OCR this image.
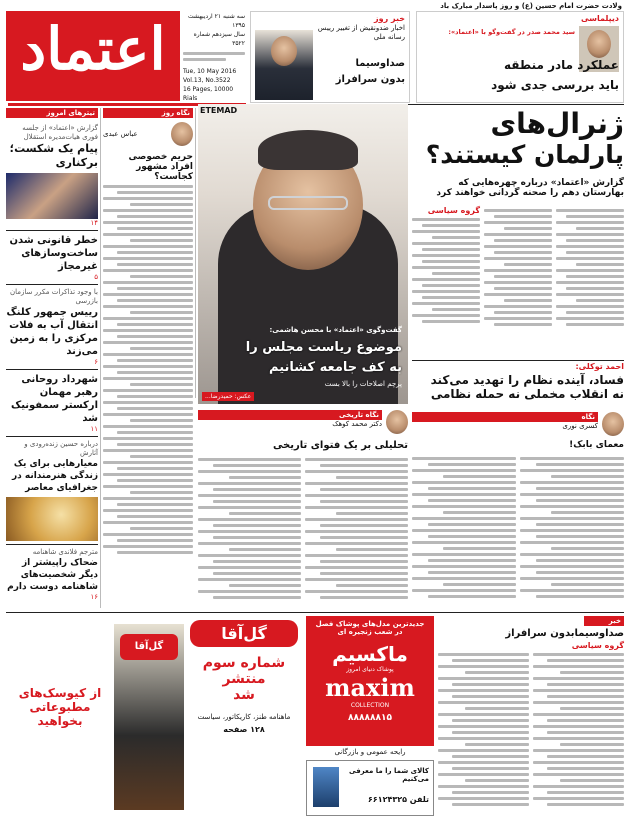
ولادت حضرت امام حسین (ع) و روز پاسدار مبارک باد
اعتماد	سه شنبه ۲۱ اردیبهشت ۱۳۹۵
سال سیزدهم شماره ۳۵۲۲
Tue, 10 May 2016
Vol.13, No.3522
16 Pages, 10000 Rials
خبر روز
اخبار ضدونقیض از تغییر رییس رسانه ملی
صداوسیما
بدون سرافراز
دیپلماسی
سید محمد صدر در گفت‌وگو با «اعتماد»:
عملکرد مادر منطقه
باید بررسی جدی شود
تیترهای امروز
گزارش «اعتماد» از جلسه فوری هیات‌مدیره استقلال
پیام یک شکست؛ برکناری
۱۴
خطر قانونی شدن ساخت‌وسازهای غیرمجاز
۵
با وجود تذاکرات مکرر سازمان بازرسی
رییس جمهور کلنگ انتقال آب به فلات مرکزی را به زمین می‌زند
۶
شهرداد روحانی رهبر مهمان ارکستر سمفونیک شد
۱۱
درباره حسین زنده‌رودی و آثارش
معیارهایی برای یک زندگی هنرمندانه در جغرافیای معاصر
مترجم فلاندی شاهنامه
ضحاک راپیشتر از دیگر شخصیت‌های شاهنامه دوست دارم
۱۶
نگاه روز
عباس عبدی
حریم خصوصی
افراد مشهور کجاست؟
ETEMAD
گفت‌وگوی «اعتماد» با محسن هاشمی:
موضوع ریاست مجلس را
به کف جامعه کشانیم
پرچم اصلاحات را بالا بست
عکس: حمیدرضا...
ژنرال‌های
پارلمان کیستند؟
گزارش «اعتماد» درباره چهره‌هایی که
بهارستان دهم را صحنه گردانی خواهند کرد
گروه سیاسی
احمد توکلی:
فساد، آینده نظام را تهدید می‌کند
نه انقلاب مخملی نه حمله نظامی
نگاه تاریخی
دکتر محمد کوهک
تحلیلی بر یک فتوای تاریخی
نگاه
کسری نوری
معمای بابک!
گل‌آقا
از کیوسک‌های
مطبوعاتی
بخواهید
گل‌آقا
شماره سوم
منتشر
شد
ماهنامه طنز، کاریکاتور، سیاست
۱۲۸ صفحه
جدیدترین مدل‌های پوشاک فصل
در شعب زنجیره ای
ماکسیم
پوشاک دنیای امروز
maxim
COLLECTION
۸۸۸۸۸۸۱۵
رایحه عمومی و بازرگانی
کالای شما را ما معرفی می‌کنیم
تلفن ۶۶۱۲۴۳۲۵
خبر
صداوسیمابدون سرافراز
گروه سیاسی
